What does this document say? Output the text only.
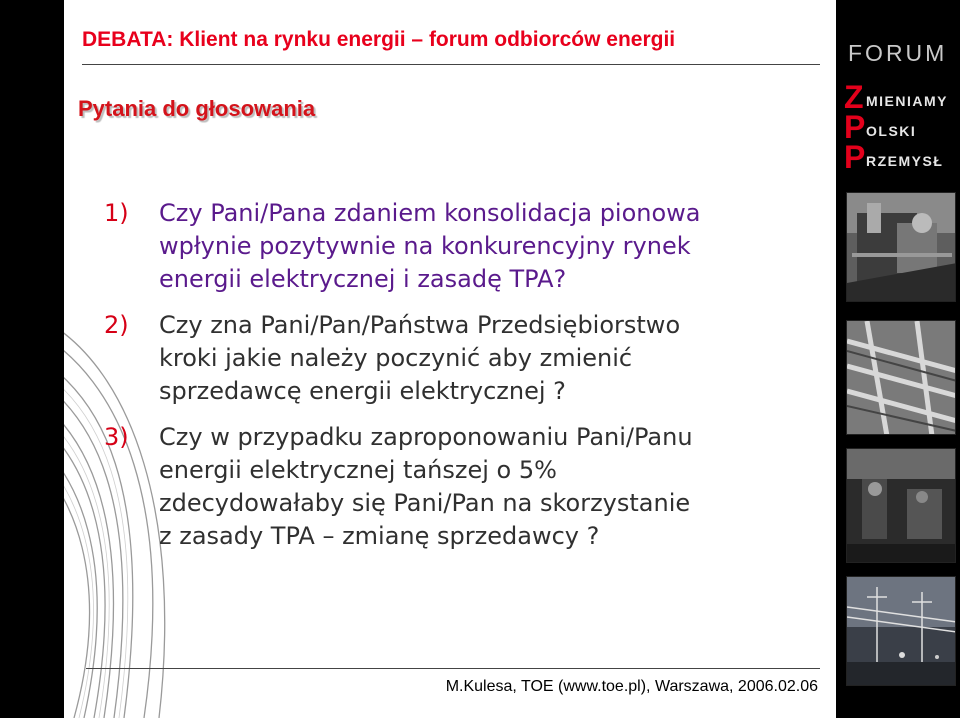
DEBATA: Klient na rynku energii – forum odbiorców energii
Pytania do głosowania
1)	Czy Pani/Pana zdaniem konsolidacja pionowa
wpłynie pozytywnie na konkurencyjny rynek
energii elektrycznej i zasadę TPA?
2)	Czy zna Pani/Pan/Państwa Przedsiębiorstwo
kroki jakie należy poczynić aby zmienić
sprzedawcę energii elektrycznej ?
3)	Czy w przypadku zaproponowaniu Pani/Panu
energii elektrycznej tańszej o 5%
zdecydowałaby się Pani/Pan na skorzystanie
z zasady TPA – zmianę sprzedawcy ?
M.Kulesa, TOE (www.toe.pl), Warszawa, 2006.02.06
FORUM
Z MIENIAMY
P OLSKI
P RZEMYSŁ
